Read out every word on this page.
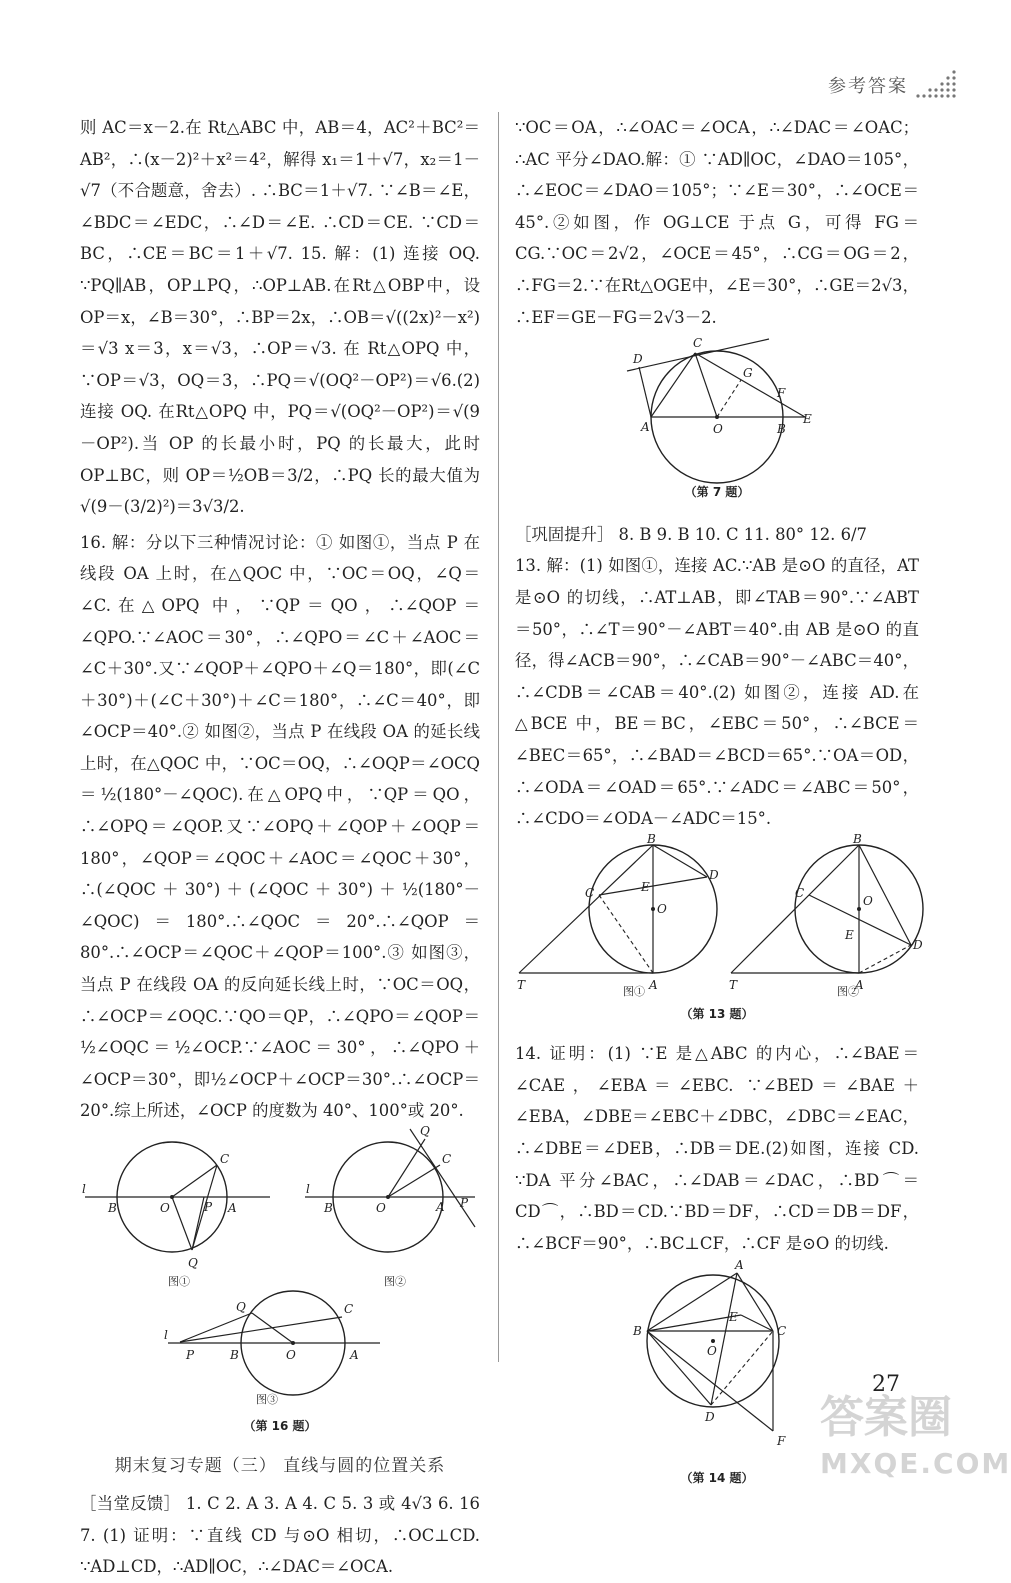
参考答案

则 AC＝x－2.在 Rt△ABC 中，AB＝4，AC²＋BC²＝AB²，∴(x－2)²＋x²＝4²，解得 x₁＝1＋√7，x₂＝1－√7（不合题意，舍去）. ∴BC＝1＋√7. ∵∠B＝∠E，∠BDC＝∠EDC，∴∠D＝∠E. ∴CD＝CE. ∵CD＝BC，∴CE＝BC＝1＋√7. 15. 解：(1) 连接 OQ. ∵PQ∥AB，OP⊥PQ，∴OP⊥AB.在Rt△OBP中，设 OP＝x，∠B＝30°，∴BP＝2x，∴OB＝√((2x)²－x²)＝√3 x＝3，x＝√3，∴OP＝√3. 在 Rt△OPQ 中，∵OP＝√3，OQ＝3，∴PQ＝√(OQ²－OP²)＝√6.(2) 连接 OQ. 在Rt△OPQ 中，PQ＝√(OQ²－OP²)＝√(9－OP²).当 OP 的长最小时，PQ 的长最大，此时 OP⊥BC，则 OP＝½OB＝3/2，∴PQ 长的最大值为√(9－(3/2)²)＝3√3/2.

16. 解：分以下三种情况讨论：① 如图①，当点 P 在线段 OA 上时，在△QOC 中，∵OC＝OQ，∠Q＝∠C.在△OPQ 中，∵QP＝QO，∴∠QOP＝∠QPO.∵∠AOC＝30°，∴∠QPO＝∠C＋∠AOC＝∠C＋30°.又∵∠QOP＋∠QPO＋∠Q＝180°，即(∠C＋30°)＋(∠C＋30°)＋∠C＝180°，∴∠C＝40°，即∠OCP＝40°.② 如图②，当点 P 在线段 OA 的延长线上时，在△QOC 中，∵OC＝OQ，∴∠OQP＝∠OCQ＝½(180°－∠QOC).在△OPQ中，∵QP＝QO，∴∠OPQ＝∠QOP.又∵∠OPQ＋∠QOP＋∠OQP＝180°，∠QOP＝∠QOC＋∠AOC＝∠QOC＋30°，∴(∠QOC＋30°)＋(∠QOC＋30°)＋½(180°－∠QOC)＝180°.∴∠QOC＝20°.∴∠QOP＝80°.∴∠OCP＝∠QOC＋∠QOP＝100°.③ 如图③，当点 P 在线段 OA 的反向延长线上时，∵OC＝OQ，∴∠OCP＝∠OQC.∵QO＝QP，∴∠QPO＝∠QOP＝½∠OQC＝½∠OCP.∵∠AOC＝30°，∴∠QPO＋∠OCP＝30°，即½∠OCP＋∠OCP＝30°.∴∠OCP＝20°.综上所述，∠OCP 的度数为 40°、100°或 20°.

l
B	O	P A
C
Q
图①
l
B	O	A P
Q
C
图②
l
P	B	O	A
Q	C
图③
（第 16 题）
期末复习专题（三） 直线与圆的位置关系

［当堂反馈］ 1. C 2. A 3. A 4. C 5. 3 或 4√3 6. 16 7. (1) 证明：∵直线 CD 与⊙O 相切，∴OC⊥CD. ∵AD⊥CD，∴AD∥OC，∴∠DAC＝∠OCA.

∵OC＝OA，∴∠OAC＝∠OCA，∴∠DAC＝∠OAC；∴AC 平分∠DAO.解：① ∵AD∥OC，∠DAO＝105°，∴∠EOC＝∠DAO＝105°；∵∠E＝30°，∴∠OCE＝45°.②如图，作 OG⊥CE 于点 G，可得 FG＝CG.∵OC＝2√2，∠OCE＝45°，∴CG＝OG＝2，∴FG＝2.∵在Rt△OGE中，∠E＝30°，∴GE＝2√3，∴EF＝GE－FG＝2√3－2.

D
C
G
F
E
A	O	B
（第 7 题）

［巩固提升］ 8. B 9. B 10. C 11. 80° 12. 6/7

13. 解：(1) 如图①，连接 AC.∵AB 是⊙O 的直径，AT 是⊙O 的切线，∴AT⊥AB，即∠TAB＝90°.∵∠ABT＝50°，∴∠T＝90°－∠ABT＝40°.由 AB 是⊙O 的直径，得∠ACB＝90°，∴∠CAB＝90°－∠ABC＝40°，∴∠CDB＝∠CAB＝40°.(2) 如图②，连接 AD.在△BCE 中，BE＝BC，∠EBC＝50°，∴∠BCE＝∠BEC＝65°，∴∠BAD＝∠BCD＝65°.∵OA＝OD，∴∠ODA＝∠OAD＝65°.∵∠ADC＝∠ABC＝50°，∴∠CDO＝∠ODA－∠ADC＝15°.

T
C
B
E
D
O
A
图①	T
C
B
O
E
D
A
图②
（第 13 题）

14. 证明：(1) ∵E 是△ABC 的内心，∴∠BAE＝∠CAE，∠EBA＝∠EBC. ∵∠BED＝∠BAE＋∠EBA，∠DBE＝∠EBC＋∠DBC，∠DBC＝∠EAC，∴∠DBE＝∠DEB，∴DB＝DE.(2)如图，连接 CD. ∵DA 平分∠BAC，∴∠DAB＝∠DAC，∴BD⌒＝CD⌒，∴BD＝CD.∵BD＝DF，∴CD＝DB＝DF，∴∠BCF＝90°，∴BC⊥CF，∴CF 是⊙O 的切线.

A
B	C
E
O
D
F
（第 14 题）
27
答案圈
MXQE.COM
